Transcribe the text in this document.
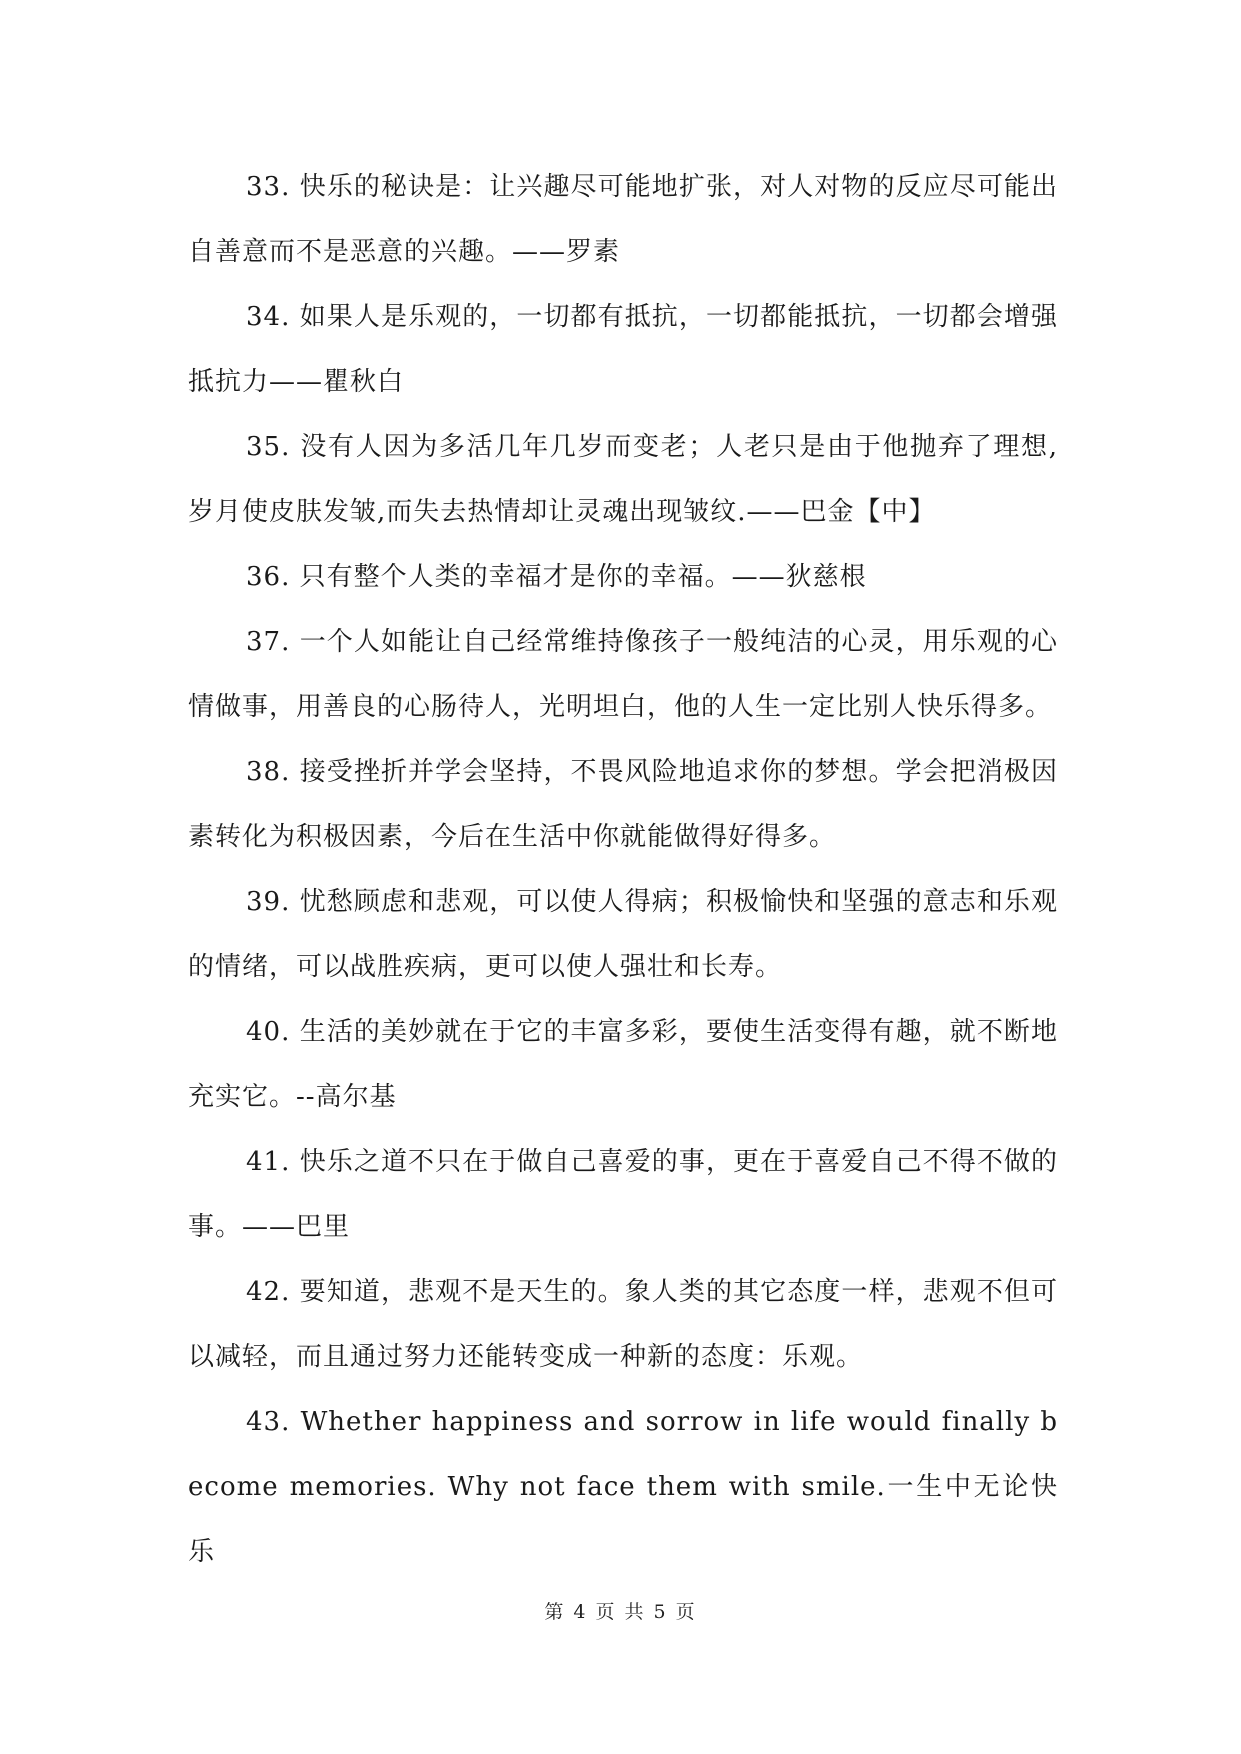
33. 快乐的秘诀是：让兴趣尽可能地扩张，对人对物的反应尽可能出自善意而不是恶意的兴趣。——罗素

34. 如果人是乐观的，一切都有抵抗，一切都能抵抗，一切都会增强抵抗力——瞿秋白

35. 没有人因为多活几年几岁而变老；人老只是由于他抛弃了理想,岁月使皮肤发皱,而失去热情却让灵魂出现皱纹.——巴金【中】

36. 只有整个人类的幸福才是你的幸福。——狄慈根

37. 一个人如能让自己经常维持像孩子一般纯洁的心灵，用乐观的心情做事，用善良的心肠待人，光明坦白，他的人生一定比别人快乐得多。

38. 接受挫折并学会坚持，不畏风险地追求你的梦想。学会把消极因素转化为积极因素，今后在生活中你就能做得好得多。

39. 忧愁顾虑和悲观，可以使人得病；积极愉快和坚强的意志和乐观的情绪，可以战胜疾病，更可以使人强壮和长寿。

40. 生活的美妙就在于它的丰富多彩，要使生活变得有趣，就不断地充实它。--高尔基

41. 快乐之道不只在于做自己喜爱的事，更在于喜爱自己不得不做的事。——巴里

42. 要知道，悲观不是天生的。象人类的其它态度一样，悲观不但可以减轻，而且通过努力还能转变成一种新的态度：乐观。

43. Whether happiness and sorrow in life would finally become memories. Why not face them with smile.一生中无论快乐

第 4 页 共 5 页
